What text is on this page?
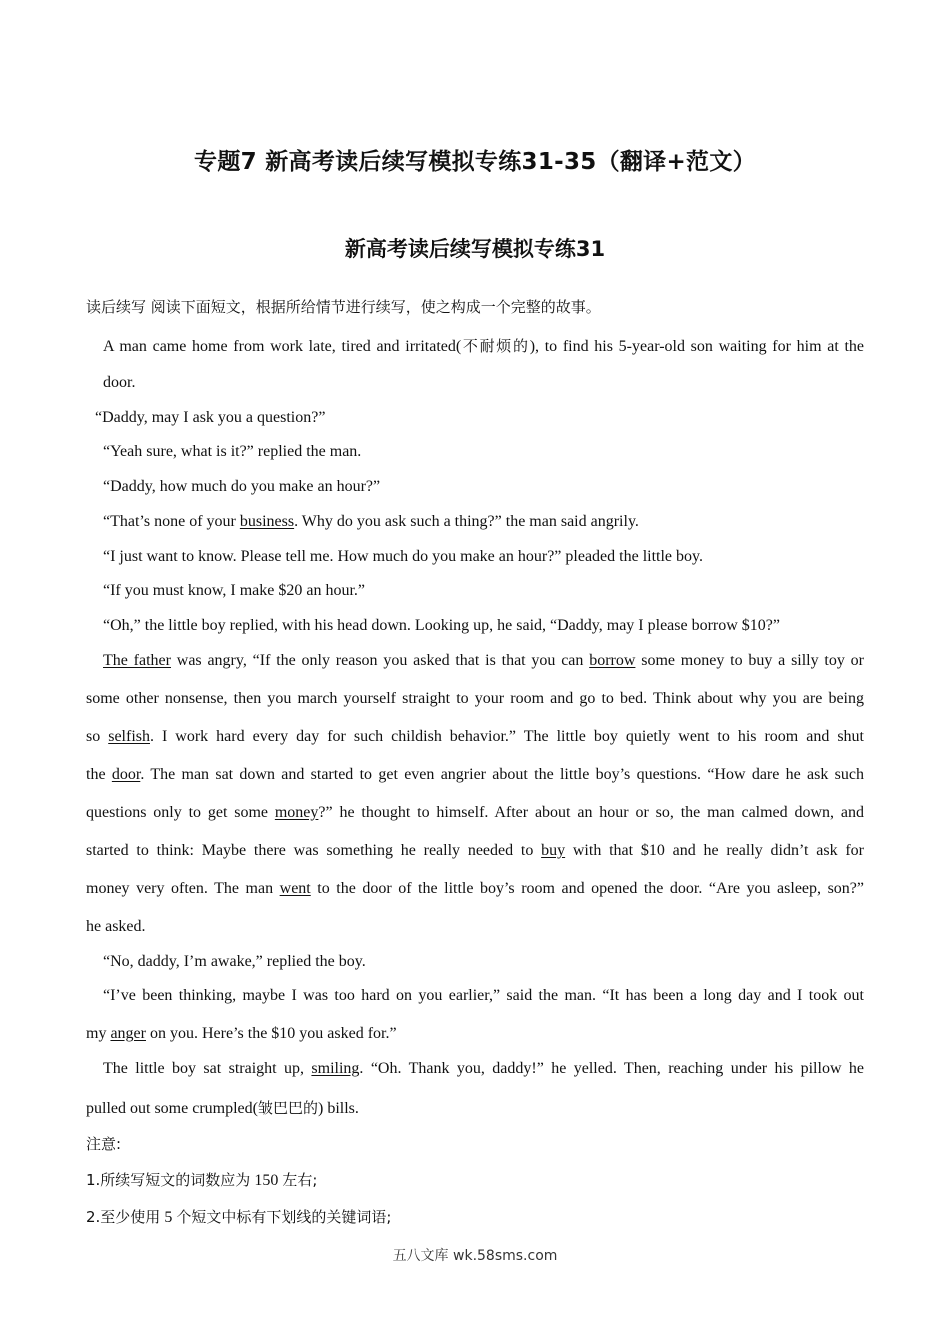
专题7 新高考读后续写模拟专练31-35（翻译+范文）
新高考读后续写模拟专练31
读后续写 阅读下面短文，根据所给情节进行续写，使之构成一个完整的故事。
A man came home from work late, tired and irritated(不耐烦的), to find his 5-year-old son waiting for him at the
door.
“Daddy, may I ask you a question?”
“Yeah sure, what is it?” replied the man.
“Daddy, how much do you make an hour?”
“That’s none of your business. Why do you ask such a thing?” the man said angrily.
“I just want to know. Please tell me. How much do you make an hour?” pleaded the little boy.
“If you must know, I make $20 an hour.”
“Oh,” the little boy replied, with his head down. Looking up, he said, “Daddy, may I please borrow $10?”
The father was angry, “If the only reason you asked that is that you can borrow some money to buy a silly toy or
some other nonsense, then you march yourself straight to your room and go to bed. Think about why you are being
so selfish. I work hard every day for such childish behavior.” The little boy quietly went to his room and shut
the door. The man sat down and started to get even angrier about the little boy’s questions. “How dare he ask such
questions only to get some money?” he thought to himself. After about an hour or so, the man calmed down, and
started to think: Maybe there was something he really needed to buy with that $10 and he really didn’t ask for
money very often. The man went to the door of the little boy’s room and opened the door. “Are you asleep, son?”
he asked.
“No, daddy, I’m awake,” replied the boy.
“I’ve been thinking, maybe I was too hard on you earlier,” said the man. “It has been a long day and I took out
my anger on you. Here’s the $10 you asked for.”
The little boy sat straight up, smiling. “Oh. Thank you, daddy!” he yelled. Then, reaching under his pillow he
pulled out some crumpled(皱巴巴的) bills.
注意:
1.所续写短文的词数应为 150 左右;
2.至少使用 5 个短文中标有下划线的关键词语;
五八文库 wk.58sms.com
